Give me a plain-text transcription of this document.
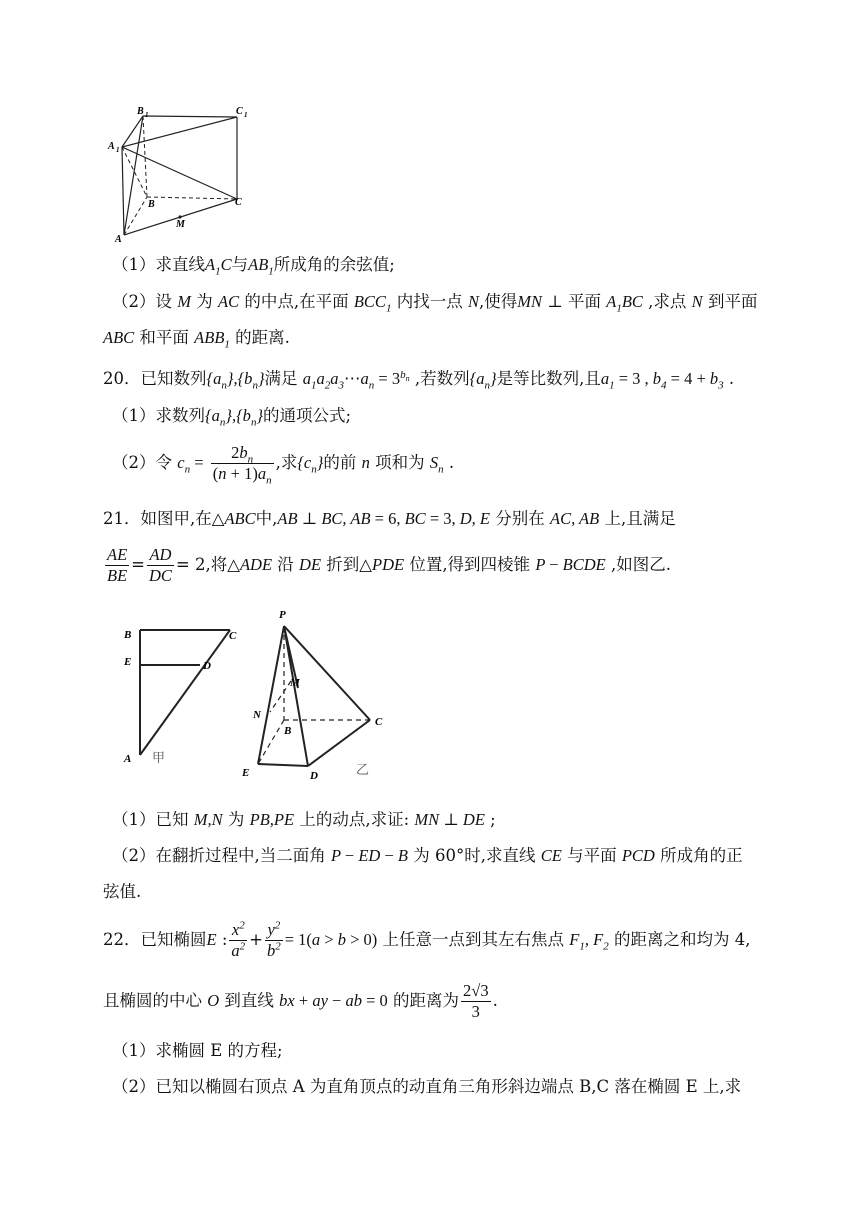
B 1	C 1
A 1
B	C
M
A
（1）求直线$A_1C$与$AB_1$所成角的余弦值;
（2）设 M 为 AC 的中点,在平面 $BCC_1$ 内找一点 N,使得MN ⊥ 平面 $A_1BC$ ,求点 N 到平面
ABC 和平面 $ABB_1$ 的距离.
20．已知数列$\{a_n\},\{b_n\}$满足 $a_1a_2a_3\cdots a_n = 3^{b_n}$ ,若数列$\{a_n\}$是等比数列,且$a_1 = 3$ , $b_4 = 4 + b_3$ .
（1）求数列$\{a_n\},\{b_n\}$的通项公式;
（2）令 $c_n = \frac{2b_n}{(n + 1)a_n}$ ,求$\{c_n\}$的前 n 项和为 $S_n$ .
21．如图甲,在△ABC中,AB ⊥ BC, AB = 6, BC = 3, D, E 分别在 AC, AB 上,且满足
$\frac{AE}{BE} = \frac{AD}{DC} = 2$,将△ADE 沿 DE 折到△PDE 位置,得到四棱锥 P − BCDE ,如图乙.
B	C
E	D
A 甲
P
M
N
B
C
E	D	乙
（1）已知 M,N 为 PB,PE 上的动点,求证: MN ⊥ DE ;
（2）在翻折过程中,当二面角 P − ED − B 为 60°时,求直线 CE 与平面 PCD 所成角的正
弦值.
22．已知椭圆E : $\frac{x^2}{a^2} + \frac{y^2}{b^2} = 1(a > b > 0)$ 上任意一点到其左右焦点 $F_1$, $F_2$ 的距离之和均为 4,
且椭圆的中心 O 到直线 bx + ay − ab = 0 的距离为 $\frac{2√3}{3}$ .
（1）求椭圆 E 的方程;
（2）已知以椭圆右顶点 A 为直角顶点的动直角三角形斜边端点 B,C 落在椭圆 E 上,求
